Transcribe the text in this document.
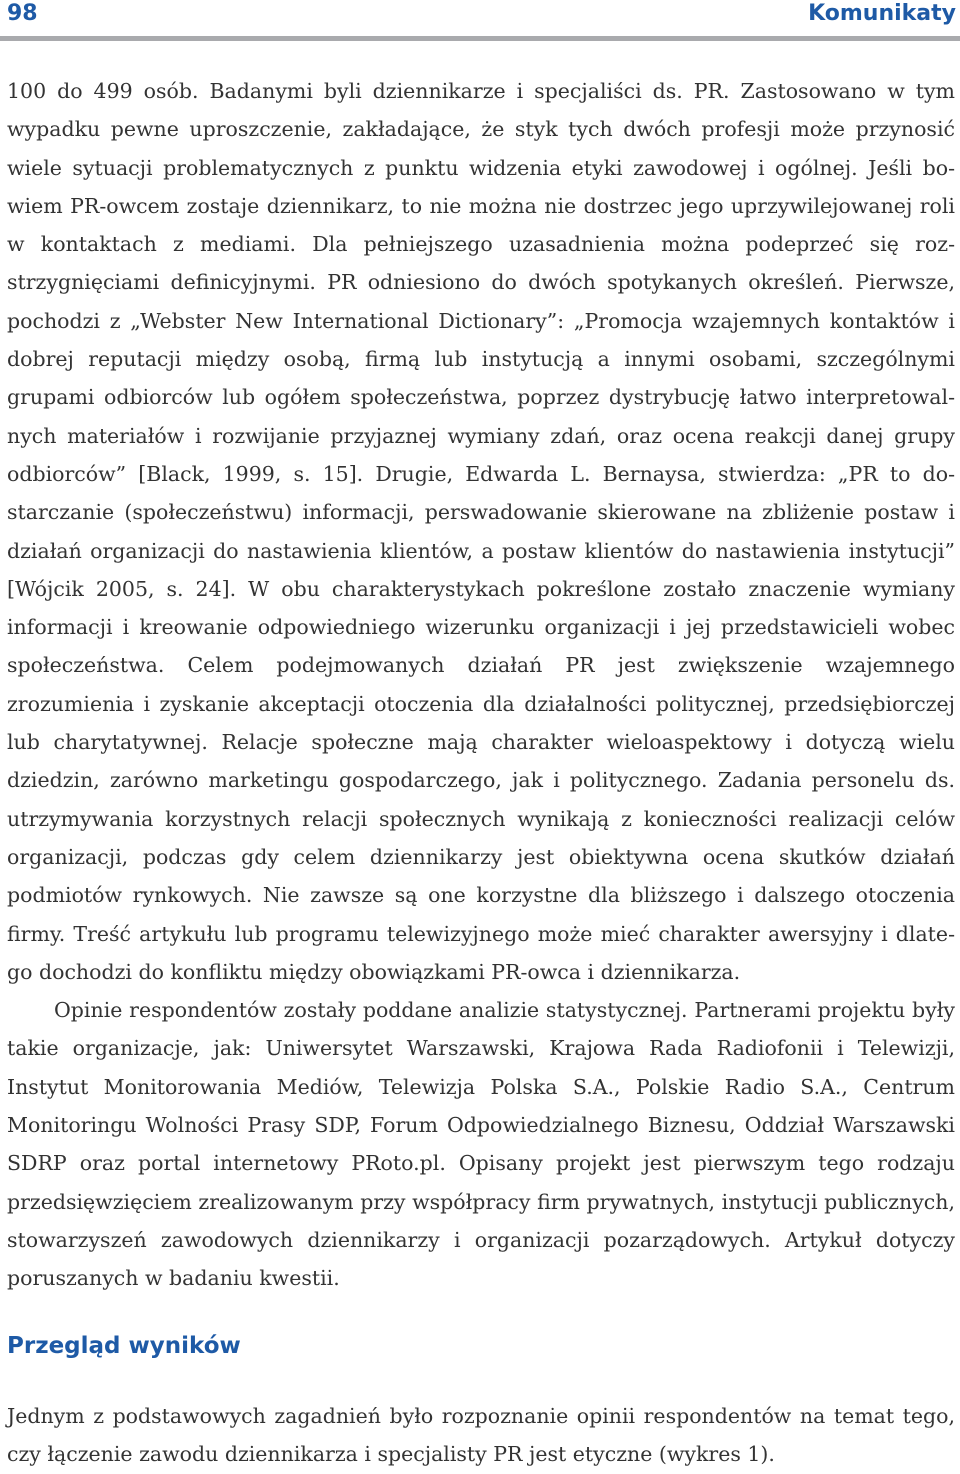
98	Komunikaty

100 do 499 osób. Badanymi byli dziennikarze i specjaliści ds. PR. Zastosowano w tym wypadku pewne uproszczenie, zakładające, że styk tych dwóch profesji może przynosić wiele sytuacji problematycznych z punktu widzenia etyki zawodowej i ogólnej. Jeśli bowiem PR-owcem zostaje dziennikarz, to nie można nie dostrzec jego uprzywilejowanej roli w kontaktach z mediami. Dla pełniejszego uzasadnienia można podeprzeć się rozstrzygnięciami definicyjnymi. PR odniesiono do dwóch spotykanych określeń. Pierwsze, pochodzi z „Webster New International Dictionary”: „Promocja wzajemnych kontaktów i dobrej reputacji między osobą, firmą lub instytucją a innymi osobami, szczególnymi grupami odbiorców lub ogółem społeczeństwa, poprzez dystrybucję łatwo interpretowalnych materiałów i rozwijanie przyjaznej wymiany zdań, oraz ocena reakcji danej grupy odbiorców” [Black, 1999, s. 15]. Drugie, Edwarda L. Bernaysa, stwierdza: „PR to dostarczanie (społeczeństwu) informacji, perswadowanie skierowane na zbliżenie postaw i działań organizacji do nastawienia klientów, a postaw klientów do nastawienia instytucji” [Wójcik 2005, s. 24]. W obu charakterystykach pokreślone zostało znaczenie wymiany informacji i kreowanie odpowiedniego wizerunku organizacji i jej przedstawicieli wobec społeczeństwa. Celem podejmowanych działań PR jest zwiększenie wzajemnego zrozumienia i zyskanie akceptacji otoczenia dla działalności politycznej, przedsiębiorczej lub charytatywnej. Relacje społeczne mają charakter wieloaspektowy i dotyczą wielu dziedzin, zarówno marketingu gospodarczego, jak i politycznego. Zadania personelu ds. utrzymywania korzystnych relacji społecznych wynikają z konieczności realizacji celów organizacji, podczas gdy celem dziennikarzy jest obiektywna ocena skutków działań podmiotów rynkowych. Nie zawsze są one korzystne dla bliższego i dalszego otoczenia firmy. Treść artykułu lub programu telewizyjnego może mieć charakter awersyjny i dlatego dochodzi do konfliktu między obowiązkami PR-owca i dziennikarza.

Opinie respondentów zostały poddane analizie statystycznej. Partnerami projektu były takie organizacje, jak: Uniwersytet Warszawski, Krajowa Rada Radiofonii i Telewizji, Instytut Monitorowania Mediów, Telewizja Polska S.A., Polskie Radio S.A., Centrum Monitoringu Wolności Prasy SDP, Forum Odpowiedzialnego Biznesu, Oddział Warszawski SDRP oraz portal internetowy PRoto.pl. Opisany projekt jest pierwszym tego rodzaju przedsięwzięciem zrealizowanym przy współpracy firm prywatnych, instytucji publicznych, stowarzyszeń zawodowych dziennikarzy i organizacji pozarządowych. Artykuł dotyczy poruszanych w badaniu kwestii.

Przegląd wyników

Jednym z podstawowych zagadnień było rozpoznanie opinii respondentów na temat tego, czy łączenie zawodu dziennikarza i specjalisty PR jest etyczne (wykres 1).
